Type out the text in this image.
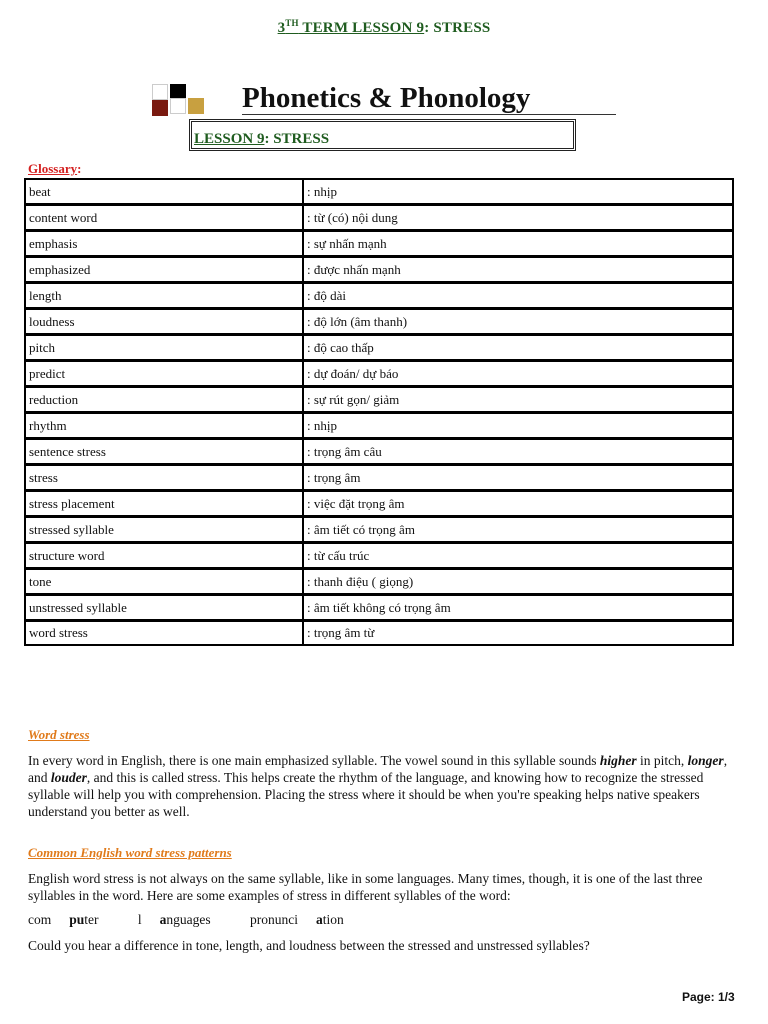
3TH TERM LESSON 9: STRESS
Phonetics & Phonology
LESSON 9: STRESS
Glossary:
beat	: nhịp
content word	: từ (có) nội dung
emphasis	: sự nhấn mạnh
emphasized	: được nhấn mạnh
length	: độ dài
loudness	: độ lớn (âm thanh)
pitch	: độ cao thấp
predict	: dự đoán/ dự báo
reduction	: sự rút gọn/ giảm
rhythm	: nhịp
sentence stress	: trọng âm câu
stress	: trọng âm
stress placement	: việc đặt trọng âm
stressed syllable	: âm tiết có trọng âm
structure word	: từ cấu trúc
tone	: thanh điệu ( giọng)
unstressed syllable	: âm tiết không có trọng âm
word stress	: trọng âm từ
Word stress
In every word in English, there is one main emphasized syllable. The vowel sound in this syllable sounds higher in pitch, longer, and louder, and this is called stress. This helps create the rhythm of the language, and knowing how to recognize the stressed syllable will help you with comprehension. Placing the stress where it should be when you're speaking helps native speakers understand you better as well.
Common English word stress patterns
English word stress is not always on the same syllable, like in some languages. Many times, though, it is one of the last three syllables in the word. Here are some examples of stress in different syllables of the word:
com puter	l anguages	pronunci ation
Could you hear a difference in tone, length, and loudness between the stressed and unstressed syllables?
Page: 1/3
